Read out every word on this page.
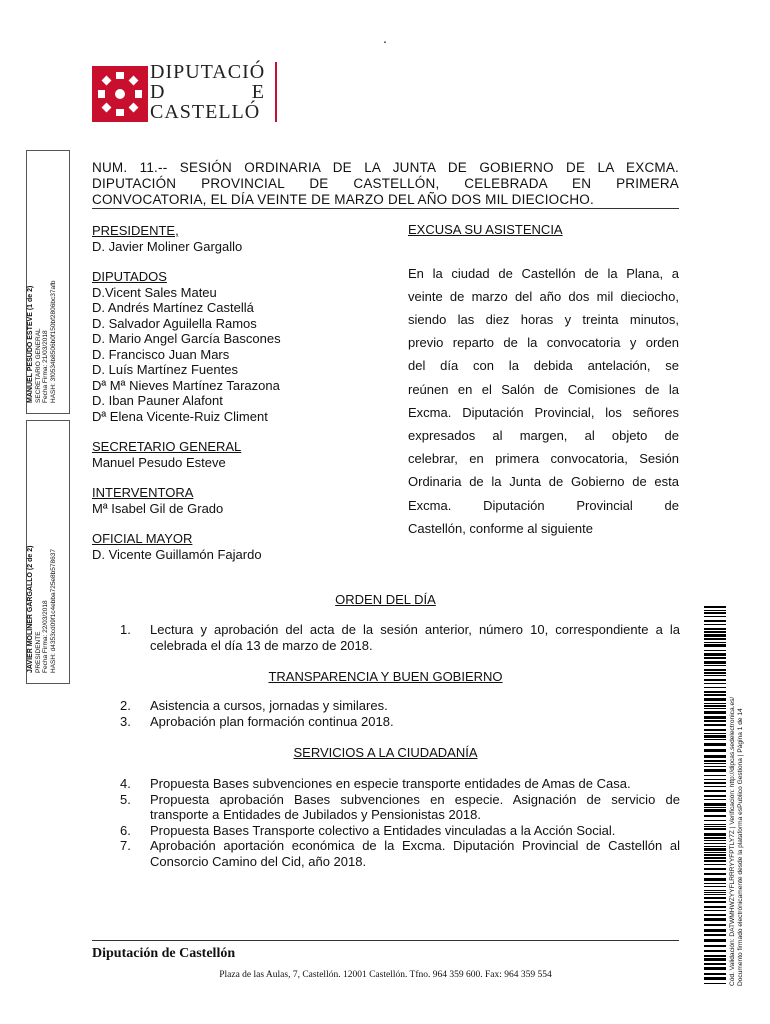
.
DIPUTACIÓ
D	E
CASTELLÓ
MANUEL PESUDO ESTEVE (1 de 2) SECRETARIO GENERAL Fecha Firma: 21/03/2018 HASH: 3f0534b8506b0f150bf2806bc37afb
JAVIER MOLINER GARGALLO (2 de 2) PRESIDENTE Fecha Firma: 22/03/2018 HASH: d4353cd09f1c4ebba725e8b578637
NUM. 11.-- SESIÓN ORDINARIA DE LA JUNTA DE GOBIERNO DE LA EXCMA.
DIPUTACIÓN PROVINCIAL DE CASTELLÓN, CELEBRADA EN PRIMERA
CONVOCATORIA, EL DÍA VEINTE DE MARZO DEL AÑO DOS MIL DIECIOCHO.
PRESIDENTE,
D. Javier Moliner Gargallo
DIPUTADOS
D.Vicent Sales Mateu
D. Andrés Martínez Castellá
D. Salvador Aguilella Ramos
D. Mario Angel García Bascones
D. Francisco Juan Mars
D. Luís Martínez Fuentes
Dª Mª Nieves Martínez Tarazona
D. Iban Pauner Alafont
Dª Elena Vicente-Ruiz Climent
SECRETARIO GENERAL
Manuel Pesudo Esteve
INTERVENTORA
Mª Isabel Gil de Grado
OFICIAL MAYOR
D. Vicente Guillamón Fajardo
EXCUSA SU ASISTENCIA
En la ciudad de Castellón de la Plana, a
veinte de marzo del año dos mil dieciocho,
siendo las diez horas y treinta minutos,
previo reparto de la convocatoria y orden
del día con la debida antelación, se
reúnen en el Salón de Comisiones de la
Excma. Diputación Provincial, los señores
expresados al margen, al objeto de
celebrar, en primera convocatoria, Sesión
Ordinaria de la Junta de Gobierno de esta
Excma. Diputación Provincial de
Castellón, conforme al siguiente
ORDEN DEL DÍA
1.	Lectura y aprobación del acta de la sesión anterior, número 10, correspondiente a la celebrada el día 13 de marzo de 2018.
TRANSPARENCIA Y BUEN GOBIERNO
2.	Asistencia a cursos, jornadas y similares.
3.	Aprobación plan formación continua 2018.
SERVICIOS A LA CIUDADANÍA
4.	Propuesta Bases subvenciones en especie transporte entidades de Amas de Casa.
5.	Propuesta aprobación Bases subvenciones en especie. Asignación de servicio de transporte a Entidades de Jubilados y Pensionistas 2018.
6.	Propuesta Bases Transporte colectivo a Entidades vinculadas a la Acción Social.
7.	Aprobación aportación económica de la Excma. Diputación Provincial de Castellón al Consorcio Camino del Cid, año 2018.
Diputación de Castellón
Plaza de las Aulas, 7, Castellón. 12001 Castellón. Tfno. 964 359 600. Fax: 964 359 554	Cód. Validación: DATWMHWZYYFLRRRYYFPTLY7Z | Verificación: http://dipcas.sedelectronica.es/ Documento firmado electrónicamente desde la plataforma esPublico Gestiona | Página 1 de 14
